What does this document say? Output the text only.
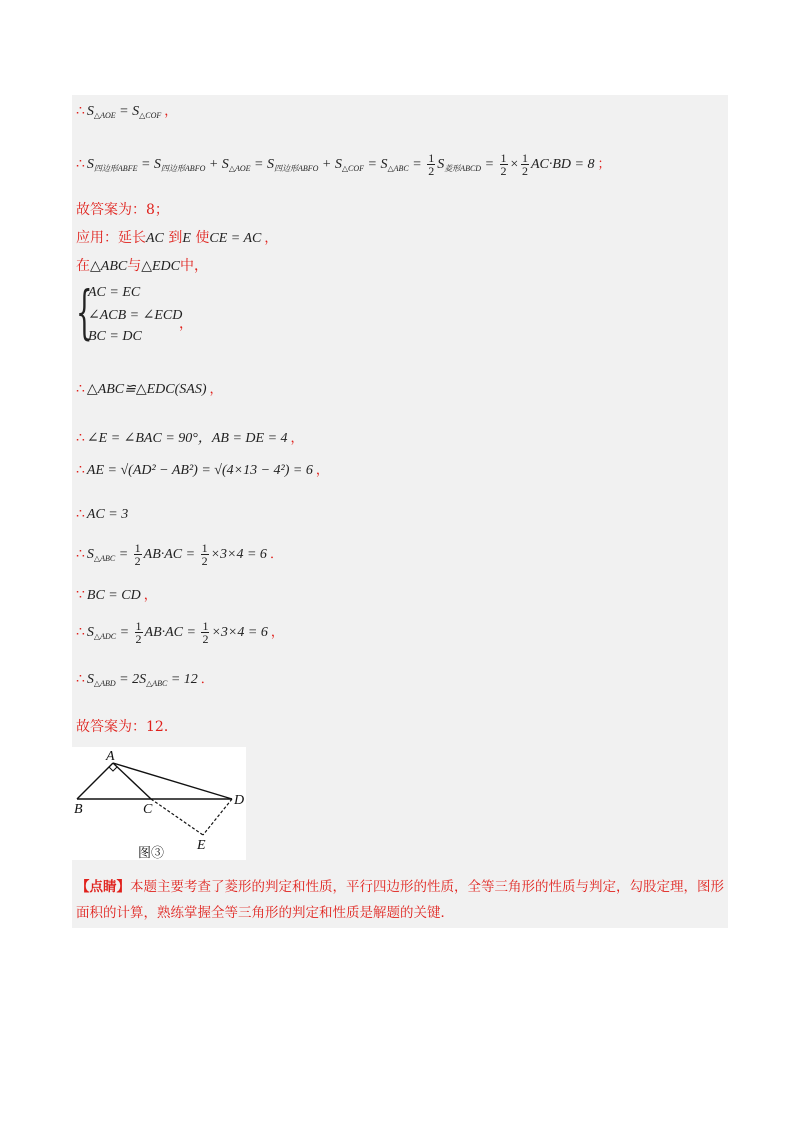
∴ $S_{\triangle AOE} = S_{\triangle COF}$ ，
∴ $S_{四边形ABFE} = S_{四边形ABFO} + S_{\triangle AOE} = S_{四边形ABFO} + S_{\triangle COF} = S_{\triangle ABC} = \frac{1}{2} S_{菱形ABCD} = \frac{1}{2} \times \frac{1}{2} AC\cdot BD = 8$ ；
故答案为：8；
应用：延长AC 到E 使CE = AC ，
在△ABC与△EDC中，
{
AC = EC
∠ACB = ∠ECD
BC = DC
，
∴ △ABC≌△EDC(SAS) ，
∴ ∠E = ∠BAC = 90°，AB = DE = 4 ，
∴ AE = √(AD² − AB²) = √(4×13 − 4²) = 6 ，
∴ AC = 3
∴ $S_{\triangle ABC} = \frac{1}{2} AB\cdot AC = \frac{1}{2} \times 3\times 4 = 6$ ．
∵ BC = CD ，
∴ $S_{\triangle ADC} = \frac{1}{2} AB\cdot AC = \frac{1}{2} \times 3\times 4 = 6$ ，
∴ $S_{\triangle ABD} = 2S_{\triangle ABC} = 12$ ．
故答案为：12．
A
B	C
D
E
图③
【点睛】本题主要考查了菱形的判定和性质，平行四边形的性质，全等三角形的性质与判定，勾股定理，图形面积的计算，熟练掌握全等三角形的判定和性质是解题的关键．
